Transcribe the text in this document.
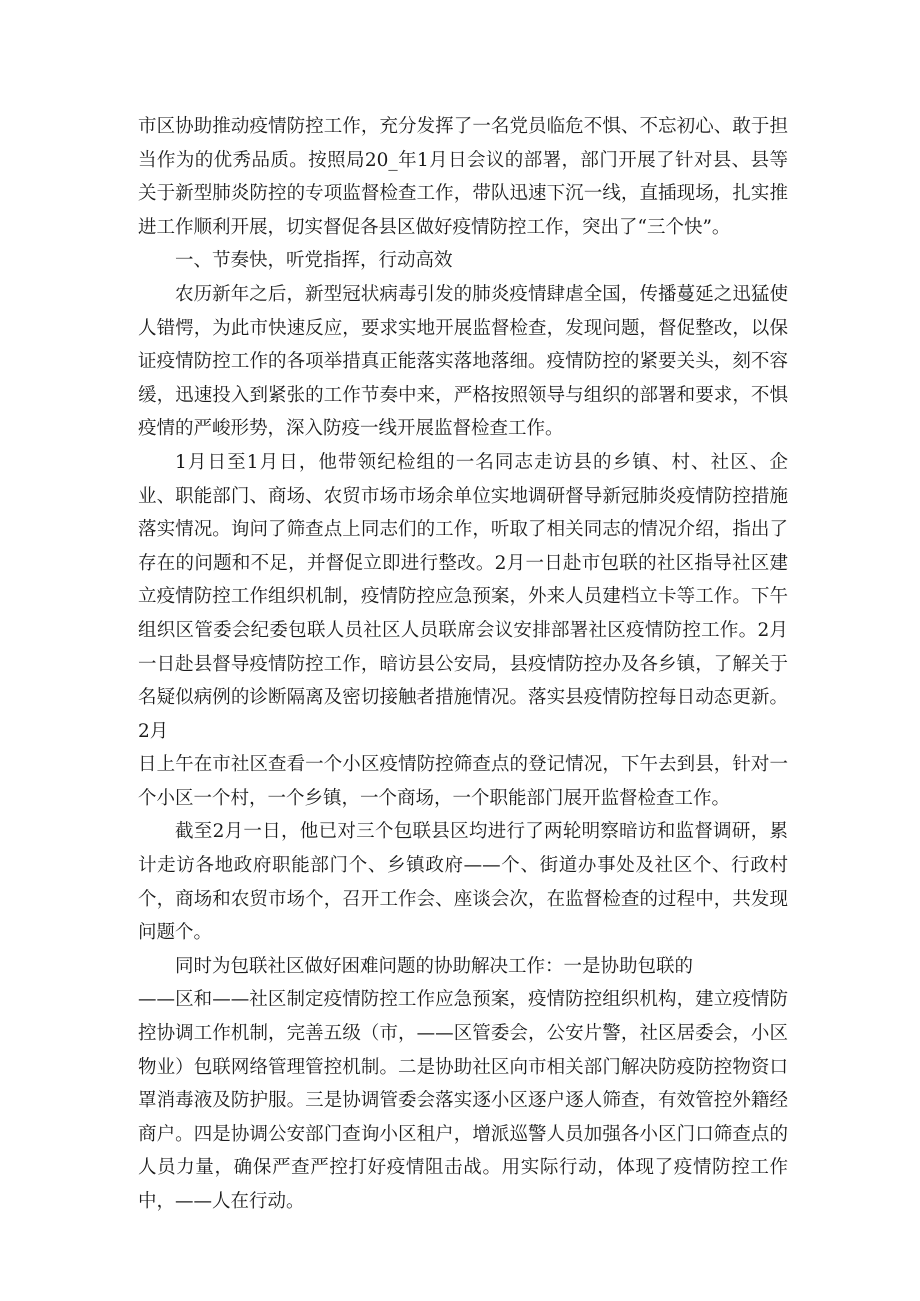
市区协助推动疫情防控工作，充分发挥了一名党员临危不惧、不忘初心、敢于担当作为的优秀品质。按照局20_年1月日会议的部署，部门开展了针对县、县等关于新型肺炎防控的专项监督检查工作，带队迅速下沉一线，直插现场，扎实推进工作顺利开展，切实督促各县区做好疫情防控工作，突出了“三个快”。

一、节奏快，听党指挥，行动高效

农历新年之后，新型冠状病毒引发的肺炎疫情肆虐全国，传播蔓延之迅猛使人错愕，为此市快速反应，要求实地开展监督检查，发现问题，督促整改，以保证疫情防控工作的各项举措真正能落实落地落细。疫情防控的紧要关头，刻不容缓，迅速投入到紧张的工作节奏中来，严格按照领导与组织的部署和要求，不惧疫情的严峻形势，深入防疫一线开展监督检查工作。

1月日至1月日，他带领纪检组的一名同志走访县的乡镇、村、社区、企业、职能部门、商场、农贸市场市场余单位实地调研督导新冠肺炎疫情防控措施落实情况。询问了筛查点上同志们的工作，听取了相关同志的情况介绍，指出了存在的问题和不足，并督促立即进行整改。2月一日赴市包联的社区指导社区建立疫情防控工作组织机制，疫情防控应急预案，外来人员建档立卡等工作。下午组织区管委会纪委包联人员社区人员联席会议安排部署社区疫情防控工作。2月一日赴县督导疫情防控工作，暗访县公安局，县疫情防控办及各乡镇，了解关于名疑似病例的诊断隔离及密切接触者措施情况。落实县疫情防控每日动态更新。2月

日上午在市社区查看一个小区疫情防控筛查点的登记情况，下午去到县，针对一个小区一个村，一个乡镇，一个商场，一个职能部门展开监督检查工作。

截至2月一日，他已对三个包联县区均进行了两轮明察暗访和监督调研，累计走访各地政府职能部门个、乡镇政府——个、街道办事处及社区个、行政村个，商场和农贸市场个，召开工作会、座谈会次，在监督检查的过程中，共发现问题个。

同时为包联社区做好困难问题的协助解决工作：一是协助包联的

——区和——社区制定疫情防控工作应急预案，疫情防控组织机构，建立疫情防控协调工作机制，完善五级（市，——区管委会，公安片警，社区居委会，小区物业）包联网络管理管控机制。二是协助社区向市相关部门解决防疫防控物资口罩消毒液及防护服。三是协调管委会落实逐小区逐户逐人筛查，有效管控外籍经商户。四是协调公安部门查询小区租户，增派巡警人员加强各小区门口筛查点的人员力量，确保严查严控打好疫情阻击战。用实际行动，体现了疫情防控工作中，——人在行动。
